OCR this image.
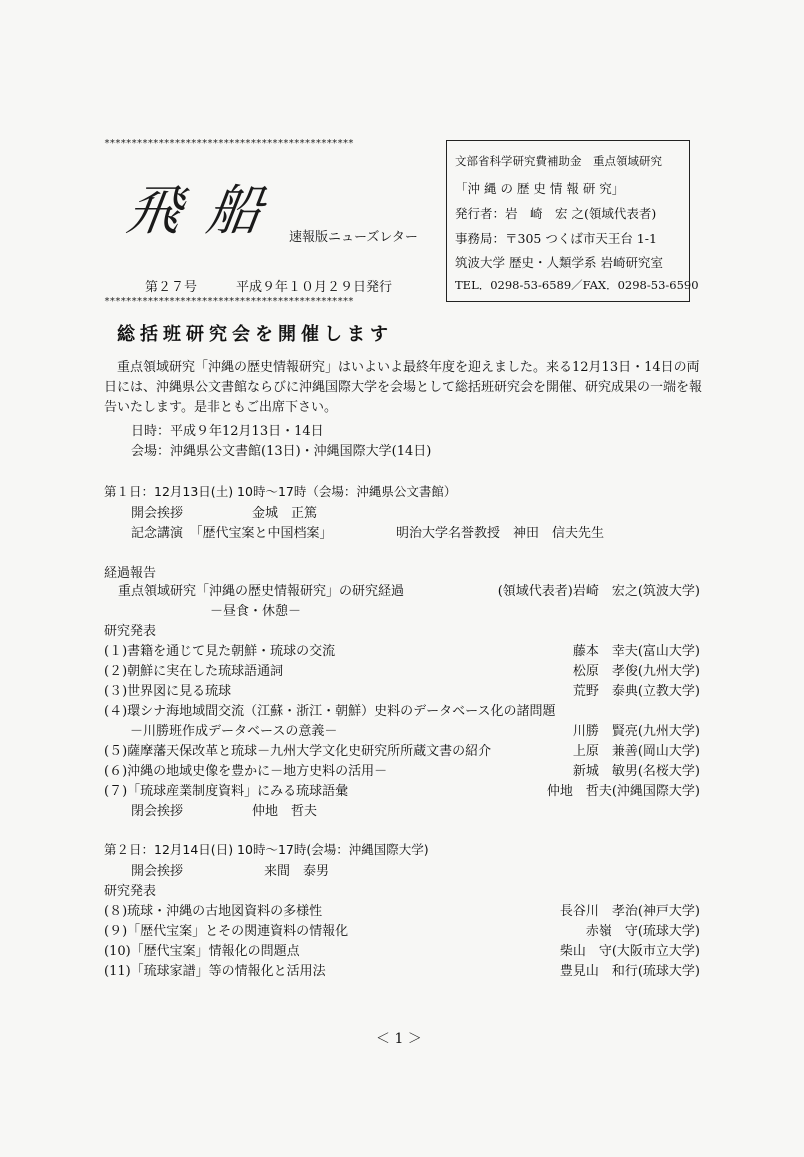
**********************************************
飛船
速報版ニューズレター
第２７号	平成９年１０月２９日発行
**********************************************
文部省科学研究費補助金　重点領域研究
「沖 縄 の 歴 史 情 報 研 究」
発行者：岩　崎　宏 之(領域代表者)
事務局：〒305 つくば市天王台 1-1
筑波大学 歴史・人類学系 岩崎研究室
TEL．0298-53-6589／FAX．0298-53-6590
総括班研究会を開催します
重点領域研究「沖縄の歴史情報研究」はいよいよ最終年度を迎えました。来る12月13日・14日の両日には、沖縄県公文書館ならびに沖縄国際大学を会場として総括班研究会を開催、研究成果の一端を報告いたします。是非ともご出席下さい。
日時：平成９年12月13日・14日
会場：沖縄県公文書館(13日)・沖縄国際大学(14日)
第１日：12月13日(土) 10時～17時（会場：沖縄県公文書館）
開会挨拶	金城　正篤
記念講演　「歴代宝案と中国档案」	明治大学名誉教授　神田　信夫先生
経過報告
重点領域研究「沖縄の歴史情報研究」の研究経過	(領域代表者)岩崎　宏之(筑波大学)
－昼食・休憩－
研究発表
(１)書籍を通じて見た朝鮮・琉球の交流	藤本　幸夫(富山大学)
(２)朝鮮に実在した琉球語通詞	松原　孝俊(九州大学)
(３)世界図に見る琉球	荒野　泰典(立教大学)
(４)環シナ海地域間交流（江蘇・浙江・朝鮮）史料のデータベース化の諸問題
　　－川勝班作成データベースの意義－	川勝　賢亮(九州大学)
(５)薩摩藩天保改革と琉球－九州大学文化史研究所所蔵文書の紹介	上原　兼善(岡山大学)
(６)沖縄の地域史像を豊かに－地方史料の活用－	新城　敏男(名桜大学)
(７)「琉球産業制度資料」にみる琉球語彙	仲地　哲夫(沖縄国際大学)
閉会挨拶	仲地　哲夫
第２日：12月14日(日) 10時～17時(会場：沖縄国際大学)
開会挨拶	来間　泰男
研究発表
(８)琉球・沖縄の古地図資料の多様性	長谷川　孝治(神戸大学)
(９)「歴代宝案」とその関連資料の情報化	赤嶺　守(琉球大学)
(10)「歴代宝案」情報化の問題点	柴山　守(大阪市立大学)
(11)「琉球家譜」等の情報化と活用法	豊見山　和行(琉球大学)
＜ 1 ＞
